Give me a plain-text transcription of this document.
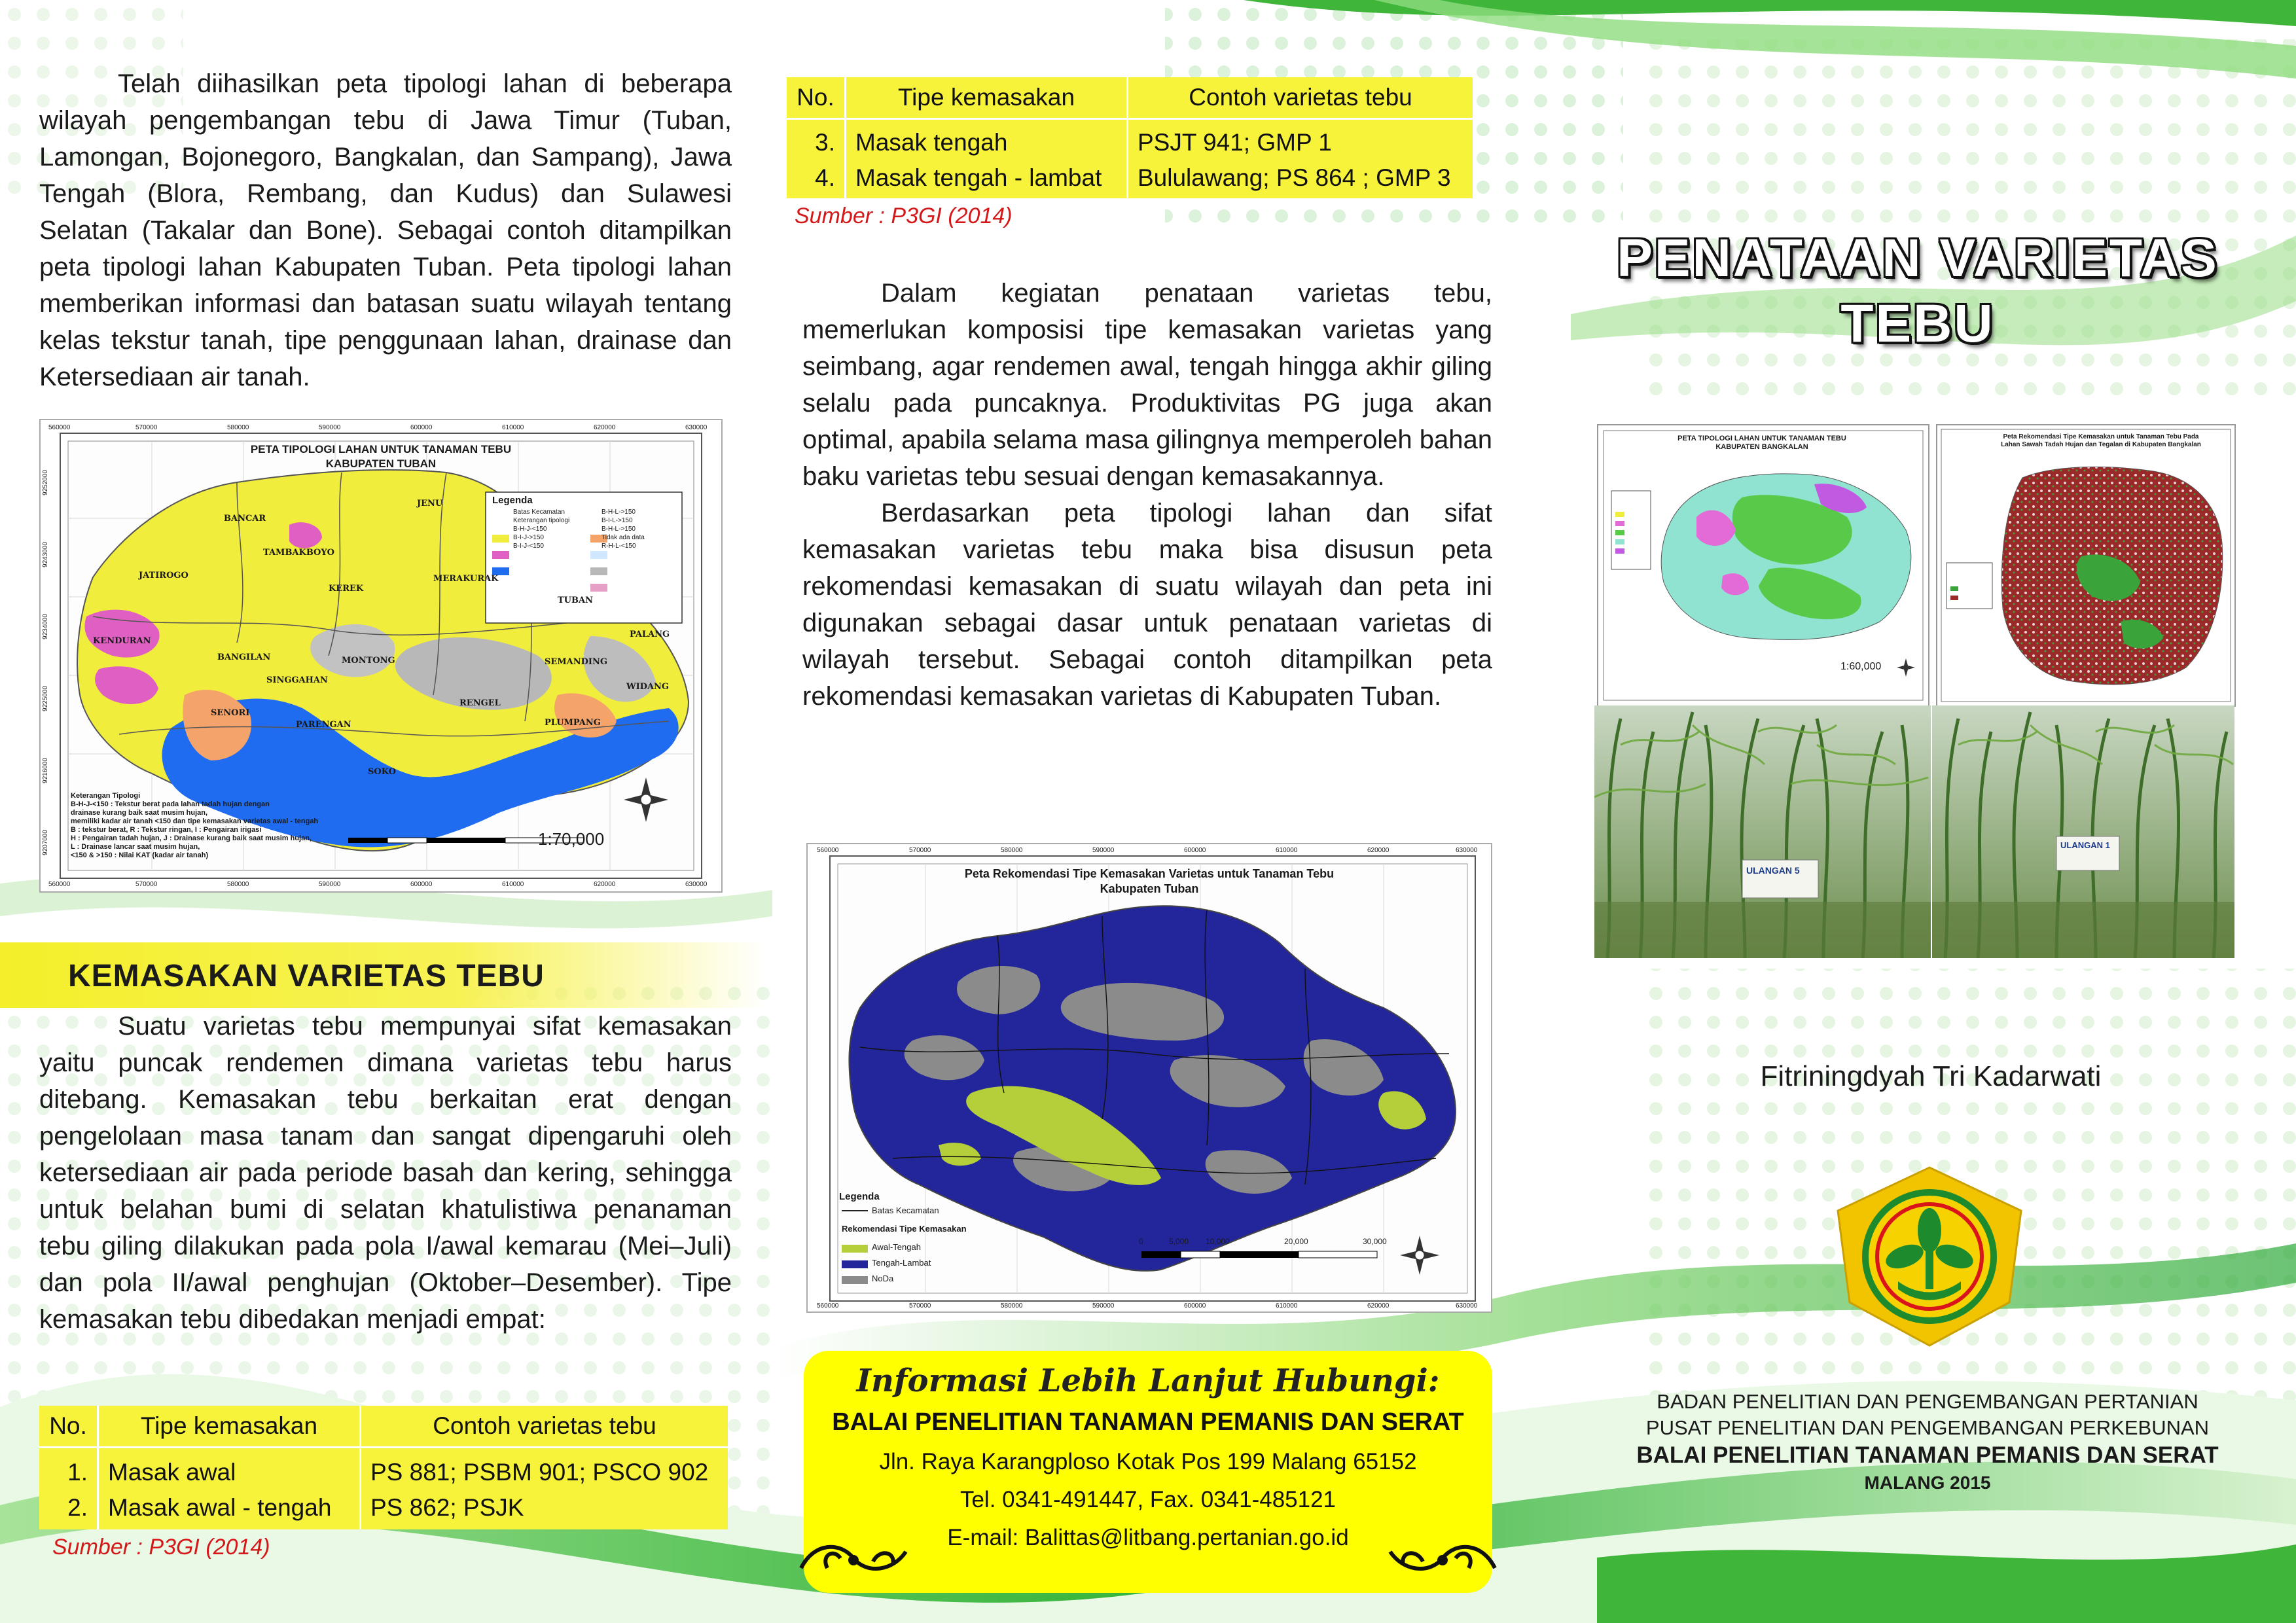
Telah diihasilkan peta tipologi lahan di beberapa wilayah pengembangan tebu di Jawa Timur (Tuban, Lamongan, Bojonegoro, Bangkalan, dan Sampang), Jawa Tengah (Blora, Rembang, dan Kudus) dan Sulawesi Selatan (Takalar dan Bone). Sebagai contoh ditampilkan peta tipologi lahan Kabupaten Tuban. Peta tipologi lahan memberikan informasi dan batasan suatu wilayah tentang kelas tekstur tanah, tipe penggunaan lahan, drainase dan Ketersediaan air tanah.

PETA TIPOLOGI LAHAN UNTUK TANAMAN TEBU
KABUPATEN TUBAN
Legenda
Batas Kecamatan
Keterangan tipologi
B-H-J-<150
B-I-J->150
B-I-J-<150
B-H-L->150
B-I-L->150
B-H-L->150
Tidak ada data
R-H-L-<150
BANCAR
JENU
TAMBAKBOYO
JATIROGO
KEREK
MERAKURAK
TUBAN
PALANG
KENDURAN
BANGILAN	MONTONG	SEMANDING
SINGGAHAN
SENORI
PARENGAN
RENGEL
PLUMPANG
WIDANG
SOKO
Keterangan Tipologi
B-H-J-<150 : Tekstur berat pada lahan tadah hujan dengan
drainase kurang baik saat musim hujan,
memiliki kadar air tanah <150 dan tipe kemasakan varietas awal - tengah
B : tekstur berat, R : Tekstur ringan, I : Pengairan irigasi
H : Pengairan tadah hujan, J : Drainase kurang baik saat musim hujan,
L : Drainase lancar saat musim hujan,
<150 & >150 : Nilai KAT (kadar air tanah)
1:70,000
560000	570000	580000	590000	600000	610000	620000	630000
560000	570000	580000	590000	600000	610000	620000	630000
9252000
9243000
9234000
9225000
9216000
9207000
KEMASAKAN VARIETAS TEBU

Suatu varietas tebu mempunyai sifat kemasakan yaitu puncak rendemen dimana varietas tebu harus ditebang. Kemasakan tebu berkaitan erat dengan pengelolaan masa tanam dan sangat dipengaruhi oleh ketersediaan air pada periode basah dan kering, sehingga untuk belahan bumi di selatan khatulistiwa penanaman tebu giling dilakukan pada pola I/awal kemarau (Mei–Juli) dan pola II/awal penghujan (Oktober–Desember). Tipe kemasakan tebu dibedakan menjadi empat:

No.	Tipe kemasakan	Contoh varietas tebu
1.	Masak awal	PS 881; PSBM 901; PSCO 902
2.	Masak awal - tengah	PS 862; PSJK
Sumber : P3GI (2014)
No.	Tipe kemasakan	Contoh varietas tebu
3.	Masak tengah	PSJT 941; GMP 1
4.	Masak tengah - lambat	Bululawang; PS 864 ; GMP 3
Sumber : P3GI (2014)

Dalam kegiatan penataan varietas tebu, memerlukan komposisi tipe kemasakan varietas yang seimbang, agar rendemen awal, tengah hingga akhir giling selalu pada puncaknya. Produktivitas PG juga akan optimal, apabila selama masa gilingnya memperoleh bahan baku varietas tebu sesuai dengan kemasakannya.

Berdasarkan peta tipologi lahan dan sifat kemasakan varietas tebu maka bisa disusun peta rekomendasi kemasakan di suatu wilayah dan peta ini digunakan sebagai dasar untuk penataan varietas di wilayah tersebut. Sebagai contoh ditampilkan peta rekomendasi kemasakan varietas di Kabupaten Tuban.

Peta Rekomendasi Tipe Kemasakan Varietas untuk Tanaman Tebu
Kabupaten Tuban
Legenda
Batas Kecamatan
Rekomendasi Tipe Kemasakan
Awal-Tengah
Tengah-Lambat
NoDa
0	5,000 10,000	20,000	30,000
560000	570000	580000	590000	600000	610000	620000	630000
560000	570000	580000	590000	600000	610000	620000	630000
Informasi Lebih Lanjut Hubungi:
BALAI PENELITIAN TANAMAN PEMANIS DAN SERAT
Jln. Raya Karangploso Kotak Pos 199 Malang 65152
Tel. 0341-491447, Fax. 0341-485121
E-mail: Balittas@litbang.pertanian.go.id
PENATAAN VARIETAS
TEBU
PETA TIPOLOGI LAHAN UNTUK TANAMAN TEBU KABUPATEN BANGKALAN
1:60,000
Peta Rekomendasi Tipe Kemasakan untuk Tanaman Tebu Pada Lahan Sawah Tadah Hujan dan Tegalan di Kabupaten Bangkalan
ULANGAN 5
ULANGAN 1
Fitriningdyah Tri Kadarwati
BADAN PENELITIAN DAN PENGEMBANGAN PERTANIAN
PUSAT PENELITIAN DAN PENGEMBANGAN PERKEBUNAN
BALAI PENELITIAN TANAMAN PEMANIS DAN SERAT
MALANG 2015
